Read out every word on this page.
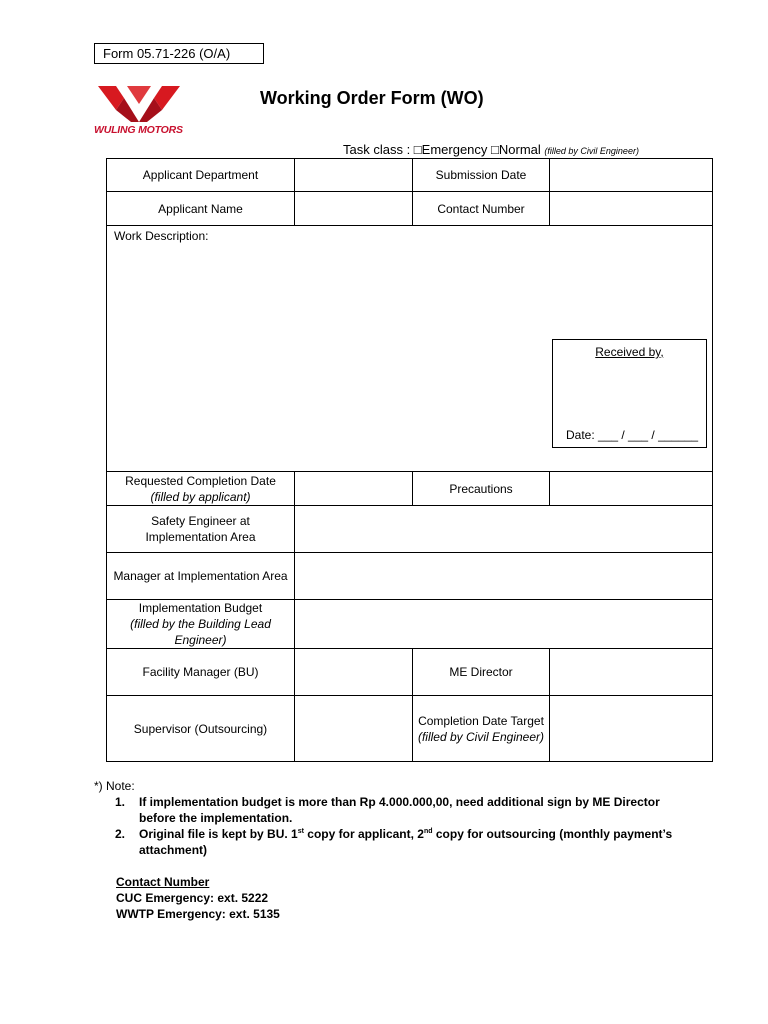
Form 05.71-226 (O/A)
WULING MOTORS
Working Order Form (WO)
Task class : □Emergency □Normal (filled by Civil Engineer)
Applicant Department		Submission Date	
Applicant Name		Contact Number	

Work Description:
Received by,
Date: ___ / ___ / ______			

Requested Completion Date
(filled by applicant)		Precautions	
Safety Engineer at Implementation Area			
Manager at Implementation Area			

Implementation Budget
(filled by the Building Lead Engineer)			

Facility Manager (BU)		ME Director	
Supervisor (Outsourcing)		Completion Date Target
(filled by Civil Engineer)	

*) Note:
1. If implementation budget is more than Rp 4.000.000,00, need additional sign by ME Director before the implementation.
2. Original file is kept by BU. 1st copy for applicant, 2nd copy for outsourcing (monthly payment’s attachment)
Contact Number
CUC Emergency: ext. 5222
WWTP Emergency: ext. 5135
